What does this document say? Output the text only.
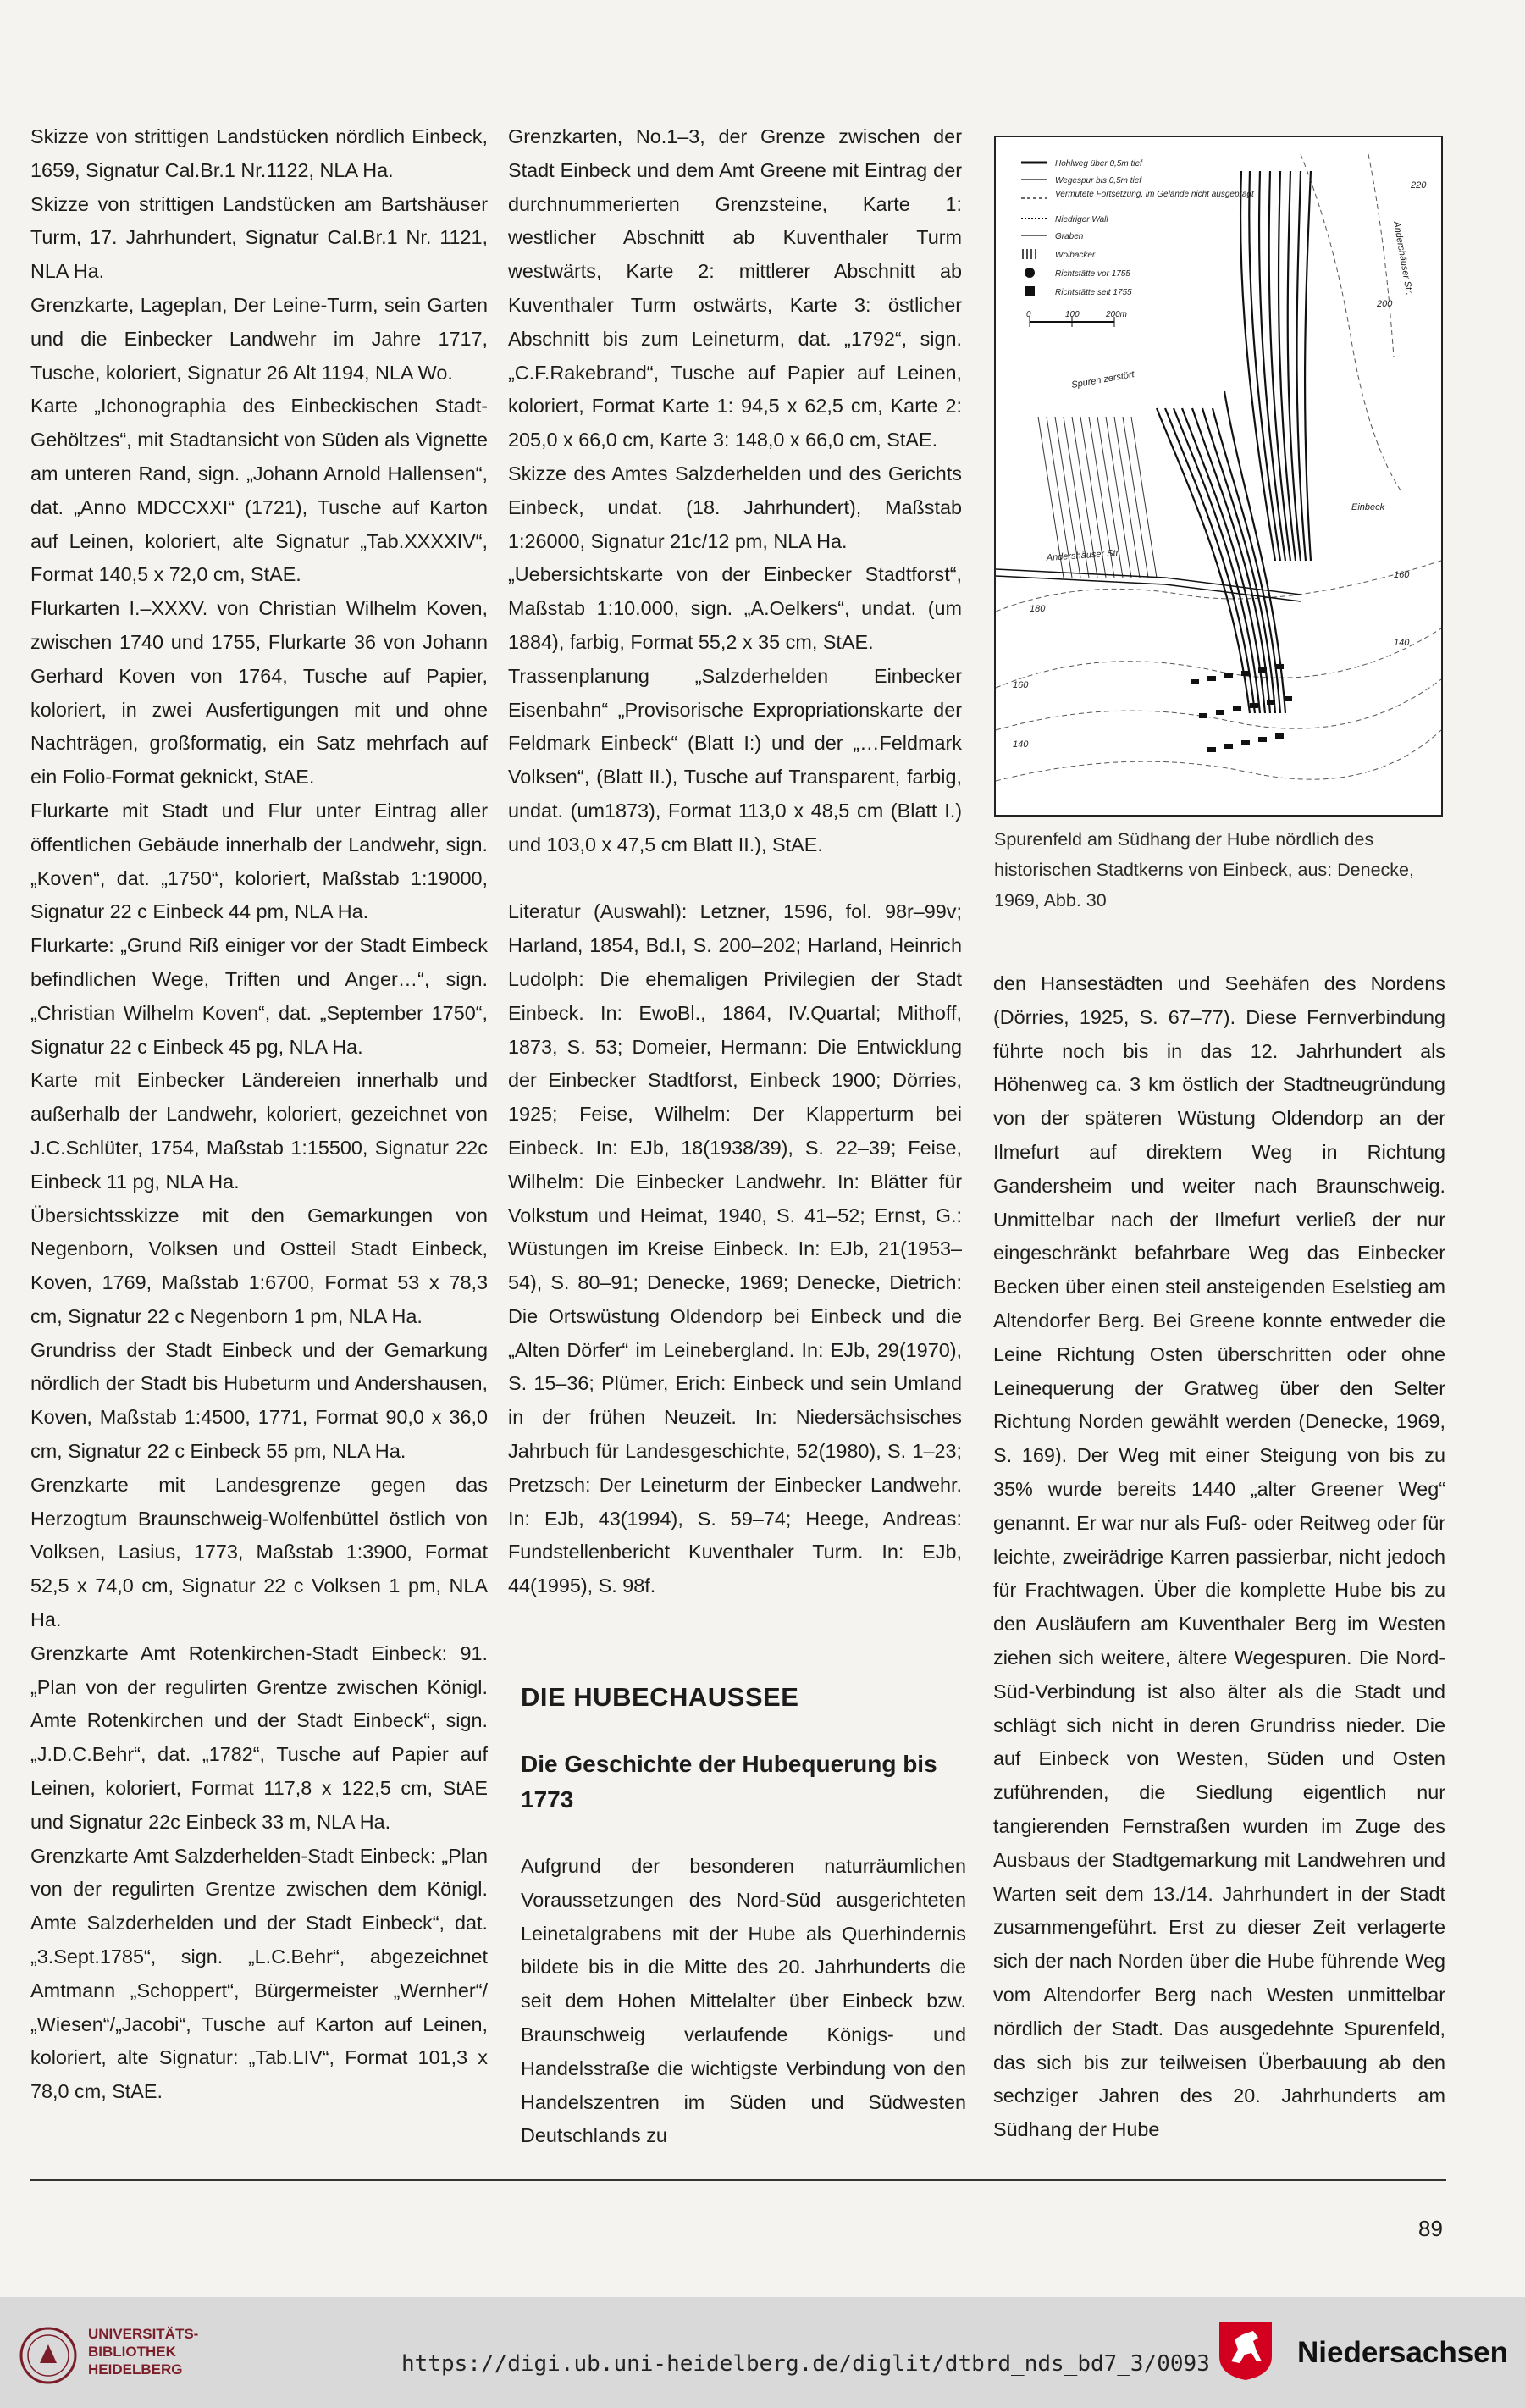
Skizze von strittigen Landstücken nördlich Einbeck, 1659, Signatur Cal.Br.1 Nr.1122, NLA Ha.

Skizze von strittigen Landstücken am Bartshäuser Turm, 17. Jahrhundert, Signatur Cal.Br.1 Nr. 1121, NLA Ha.

Grenzkarte, Lageplan, Der Leine-Turm, sein Garten und die Einbecker Landwehr im Jahre 1717, Tusche, koloriert, Signatur 26 Alt 1194, NLA Wo.

Karte „Ichonographia des Einbeckischen Stadt-Gehöltzes“, mit Stadtansicht von Süden als Vignette am unteren Rand, sign. „Johann Arnold Hallensen“, dat. „Anno MDCCXXI“ (1721), Tusche auf Karton auf Leinen, koloriert, alte Signatur „Tab.XXXXIV“, Format 140,5 x 72,0 cm, StAE.

Flurkarten I.–XXXV. von Christian Wilhelm Koven, zwischen 1740 und 1755, Flurkarte 36 von Johann Gerhard Koven von 1764, Tusche auf Papier, koloriert, in zwei Ausfertigungen mit und ohne Nachträgen, großformatig, ein Satz mehrfach auf ein Folio-Format geknickt, StAE.

Flurkarte mit Stadt und Flur unter Eintrag aller öffentlichen Gebäude innerhalb der Landwehr, sign. „Koven“, dat. „1750“, koloriert, Maßstab 1:19000, Signatur 22 c Einbeck 44 pm, NLA Ha.

Flurkarte: „Grund Riß einiger vor der Stadt Eimbeck befindlichen Wege, Triften und Anger…“, sign. „Christian Wilhelm Koven“, dat. „September 1750“, Signatur 22 c Einbeck 45 pg, NLA Ha.

Karte mit Einbecker Ländereien innerhalb und außerhalb der Landwehr, koloriert, gezeichnet von J.C.Schlüter, 1754, Maßstab 1:15500, Signatur 22c Einbeck 11 pg, NLA Ha.

Übersichtsskizze mit den Gemarkungen von Negenborn, Volksen und Ostteil Stadt Einbeck, Koven, 1769, Maßstab 1:6700, Format 53 x 78,3 cm, Signatur 22 c Negenborn 1 pm, NLA Ha.

Grundriss der Stadt Einbeck und der Gemarkung nördlich der Stadt bis Hubeturm und Andershausen, Koven, Maßstab 1:4500, 1771, Format 90,0 x 36,0 cm, Signatur 22 c Einbeck 55 pm, NLA Ha.

Grenzkarte mit Landesgrenze gegen das Herzogtum Braunschweig-Wolfenbüttel östlich von Volksen, Lasius, 1773, Maßstab 1:3900, Format 52,5 x 74,0 cm, Signatur 22 c Volksen 1 pm, NLA Ha.

Grenzkarte Amt Rotenkirchen-Stadt Einbeck: 91. „Plan von der regulirten Grentze zwischen Königl. Amte Rotenkirchen und der Stadt Einbeck“, sign. „J.D.C.Behr“, dat. „1782“, Tusche auf Papier auf Leinen, koloriert, Format 117,8 x 122,5 cm, StAE und Signatur 22c Einbeck 33 m, NLA Ha.

Grenzkarte Amt Salzderhelden-Stadt Einbeck: „Plan von der regulirten Grentze zwischen dem Königl. Amte Salzderhelden und der Stadt Einbeck“, dat. „3.Sept.1785“, sign. „L.C.Behr“, abgezeichnet Amtmann „Schoppert“, Bürgermeister „Wernher“/„Wiesen“/„Jacobi“, Tusche auf Karton auf Leinen, koloriert, alte Signatur: „Tab.LIV“, Format 101,3 x 78,0 cm, StAE.

Grenzkarten, No.1–3, der Grenze zwischen der Stadt Einbeck und dem Amt Greene mit Eintrag der durchnummerierten Grenzsteine, Karte 1: westlicher Abschnitt ab Kuventhaler Turm westwärts, Karte 2: mittlerer Abschnitt ab Kuventhaler Turm ostwärts, Karte 3: östlicher Abschnitt bis zum Leineturm, dat. „1792“, sign. „C.F.Rakebrand“, Tusche auf Papier auf Leinen, koloriert, Format Karte 1: 94,5 x 62,5 cm, Karte 2: 205,0 x 66,0 cm, Karte 3: 148,0 x 66,0 cm, StAE.

Skizze des Amtes Salzderhelden und des Gerichts Einbeck, undat. (18. Jahrhundert), Maßstab 1:26000, Signatur 21c/12 pm, NLA Ha.

„Uebersichtskarte von der Einbecker Stadtforst“, Maßstab 1:10.000, sign. „A.Oelkers“, undat. (um 1884), farbig, Format 55,2 x 35 cm, StAE.

Trassenplanung „Salzderhelden Einbecker Eisenbahn“ „Provisorische Expropriationskarte der Feldmark Einbeck“ (Blatt I:) und der „…Feldmark Volksen“, (Blatt II.), Tusche auf Transparent, farbig, undat. (um1873), Format 113,0 x 48,5 cm (Blatt I.) und 103,0 x 47,5 cm Blatt II.), StAE.

Literatur (Auswahl): Letzner, 1596, fol. 98r–99v; Harland, 1854, Bd.I, S. 200–202; Harland, Heinrich Ludolph: Die ehemaligen Privilegien der Stadt Einbeck. In: EwoBl., 1864, IV.Quartal; Mithoff, 1873, S. 53; Domeier, Hermann: Die Entwicklung der Einbecker Stadtforst, Einbeck 1900; Dörries, 1925; Feise, Wilhelm: Der Klapperturm bei Einbeck. In: EJb, 18(1938/39), S. 22–39; Feise, Wilhelm: Die Einbecker Landwehr. In: Blätter für Volkstum und Heimat, 1940, S. 41–52; Ernst, G.: Wüstungen im Kreise Einbeck. In: EJb, 21(1953–54), S. 80–91; Denecke, 1969; Denecke, Dietrich: Die Ortswüstung Oldendorp bei Einbeck und die „Alten Dörfer“ im Leinebergland. In: EJb, 29(1970), S. 15–36; Plümer, Erich: Einbeck und sein Umland in der frühen Neuzeit. In: Niedersächsisches Jahrbuch für Landesgeschichte, 52(1980), S. 1–23; Pretzsch: Der Leineturm der Einbecker Landwehr. In: EJb, 43(1994), S. 59–74; Heege, Andreas: Fundstellenbericht Kuventhaler Turm. In: EJb, 44(1995), S. 98f.

DIE HUBECHAUSSEE
Die Geschichte der Hubequerung bis 1773

Aufgrund der besonderen naturräumlichen Voraussetzungen des Nord-Süd ausgerichteten Leinetalgrabens mit der Hube als Querhindernis bildete bis in die Mitte des 20. Jahrhunderts die seit dem Hohen Mittelalter über Einbeck bzw. Braunschweig verlaufende Königs- und Handelsstraße die wichtigste Verbindung von den Handelszentren im Süden und Südwesten Deutschlands zu

Hohlweg über 0,5m tief
Wegespur bis 0,5m tief
Vermutete Fortsetzung, im Gelände nicht ausgeprägt
Niedriger Wall
Graben
Wölbäcker
Richtstätte vor 1755
Richtstätte seit 1755
0	100	200m
Spuren zerstört
Andershäuser Str.
Einbeck
Andershäuser Str.
220
200
180
160
140
160
140
Spurenfeld am Südhang der Hube nördlich des historischen Stadtkerns von Einbeck, aus: Denecke, 1969, Abb. 30

den Hansestädten und Seehäfen des Nordens (Dörries, 1925, S. 67–77). Diese Fernverbindung führte noch bis in das 12. Jahrhundert als Höhenweg ca. 3 km östlich der Stadtneugründung von der späteren Wüstung Oldendorp an der Ilmefurt auf direktem Weg in Richtung Gandersheim und weiter nach Braunschweig. Unmittelbar nach der Ilmefurt verließ der nur eingeschränkt befahrbare Weg das Einbecker Becken über einen steil ansteigenden Eselstieg am Altendorfer Berg. Bei Greene konnte entweder die Leine Richtung Osten überschritten oder ohne Leinequerung der Gratweg über den Selter Richtung Norden gewählt werden (Denecke, 1969, S. 169). Der Weg mit einer Steigung von bis zu 35% wurde bereits 1440 „alter Greener Weg“ genannt. Er war nur als Fuß- oder Reitweg oder für leichte, zweirädrige Karren passierbar, nicht jedoch für Frachtwagen. Über die komplette Hube bis zu den Ausläufern am Kuventhaler Berg im Westen ziehen sich weitere, ältere Wegespuren. Die Nord-Süd-Verbindung ist also älter als die Stadt und schlägt sich nicht in deren Grundriss nieder. Die auf Einbeck von Westen, Süden und Osten zuführenden, die Siedlung eigentlich nur tangierenden Fernstraßen wurden im Zuge des Ausbaus der Stadtgemarkung mit Landwehren und Warten seit dem 13./14. Jahrhundert in der Stadt zusammengeführt. Erst zu dieser Zeit verlagerte sich der nach Norden über die Hube führende Weg vom Altendorfer Berg nach Westen unmittelbar nördlich der Stadt. Das ausgedehnte Spurenfeld, das sich bis zur teilweisen Überbauung ab den sechziger Jahren des 20. Jahrhunderts am Südhang der Hube

89
UNIVERSITÄTS-
BIBLIOTHEK
HEIDELBERG	https://digi.ub.uni-heidelberg.de/diglit/dtbrd_nds_bd7_3/0093	Niedersachsen
